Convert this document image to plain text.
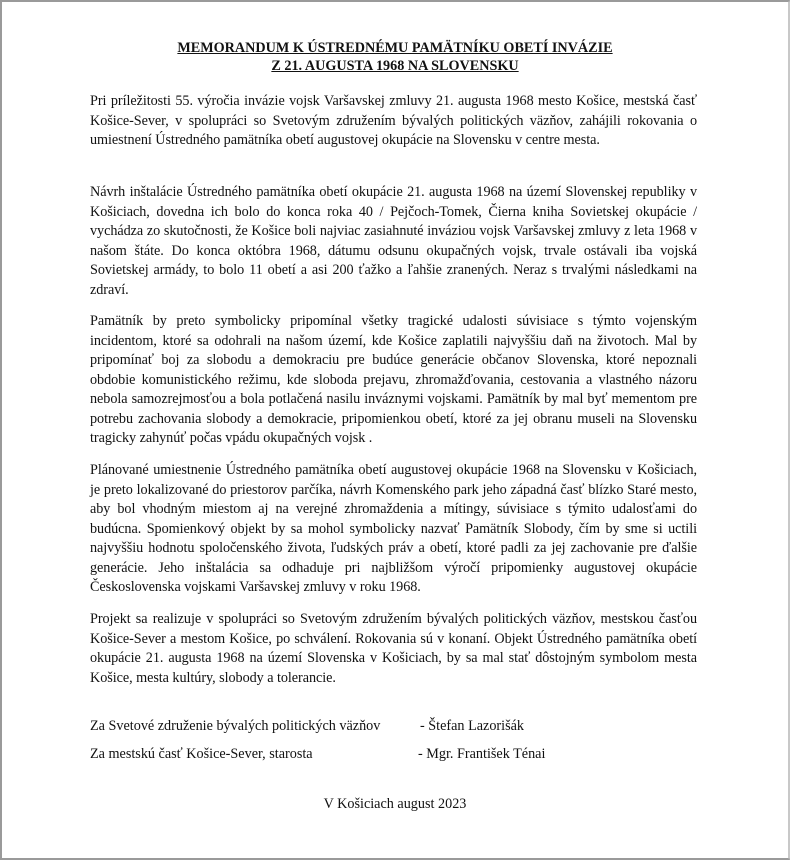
MEMORANDUM K ÚSTREDNÉMU PAMÄTNÍKU OBETÍ INVÁZIE
Z 21. AUGUSTA 1968 NA SLOVENSKU
Pri príležitosti 55. výročia invázie vojsk Varšavskej zmluvy 21. augusta 1968 mesto Košice, mestská časť Košice-Sever, v spolupráci so Svetovým združením bývalých politických väzňov, zahájili rokovania o umiestnení Ústredného pamätníka obetí augustovej okupácie na Slovensku v centre mesta.
Návrh inštalácie Ústredného pamätníka obetí okupácie 21. augusta 1968 na území Slovenskej republiky v Košiciach, dovedna ich bolo do konca roka 40 / Pejčoch-Tomek, Čierna kniha Sovietskej okupácie / vychádza zo skutočnosti, že Košice boli najviac zasiahnuté inváziou vojsk Varšavskej zmluvy z leta 1968 v našom štáte. Do konca októbra 1968, dátumu odsunu okupačných vojsk, trvale ostávali iba vojská Sovietskej armády, to bolo 11 obetí a asi 200 ťažko a ľahšie zranených. Neraz s trvalými následkami na zdraví.
Pamätník by preto symbolicky pripomínal všetky tragické udalosti súvisiace s týmto vojenským incidentom, ktoré sa odohrali na našom území, kde Košice zaplatili najvyššiu daň na životoch. Mal by pripomínať boj za slobodu a demokraciu pre budúce generácie občanov Slovenska, ktoré nepoznali obdobie komunistického režimu, kde sloboda prejavu, zhromažďovania, cestovania a vlastného názoru nebola samozrejmosťou a bola potlačená nasilu inváznymi vojskami. Pamätník by mal byť mementom pre potrebu zachovania slobody a demokracie, pripomienkou obetí, ktoré za jej obranu museli na Slovensku tragicky zahynúť počas vpádu okupačných vojsk .
Plánované umiestnenie Ústredného pamätníka obetí augustovej okupácie 1968 na Slovensku v Košiciach, je preto lokalizované do priestorov parčíka, návrh Komenského park jeho západná časť blízko Staré mesto, aby bol vhodným miestom aj na verejné zhromaždenia a mítingy, súvisiace s týmito udalosťami do budúcna. Spomienkový objekt by sa mohol symbolicky nazvať Pamätník Slobody, čím by sme si uctili najvyššiu hodnotu spoločenského života, ľudských práv a obetí, ktoré padli za jej zachovanie pre ďalšie generácie. Jeho inštalácia sa odhaduje pri najbližšom výročí pripomienky augustovej okupácie Československa vojskami Varšavskej zmluvy v roku 1968.
Projekt sa realizuje v spolupráci so Svetovým združením bývalých politických väzňov, mestskou časťou Košice-Sever a mestom Košice, po schválení. Rokovania sú v konaní. Objekt Ústredného pamätníka obetí okupácie 21. augusta 1968 na území Slovenska v Košiciach, by sa mal stať dôstojným symbolom mesta Košice, mesta kultúry, slobody a tolerancie.
Za Svetové združenie bývalých politických väzňov	- Štefan Lazorišák
Za mestskú časť Košice-Sever, starosta	- Mgr. František Ténai
V Košiciach august 2023
